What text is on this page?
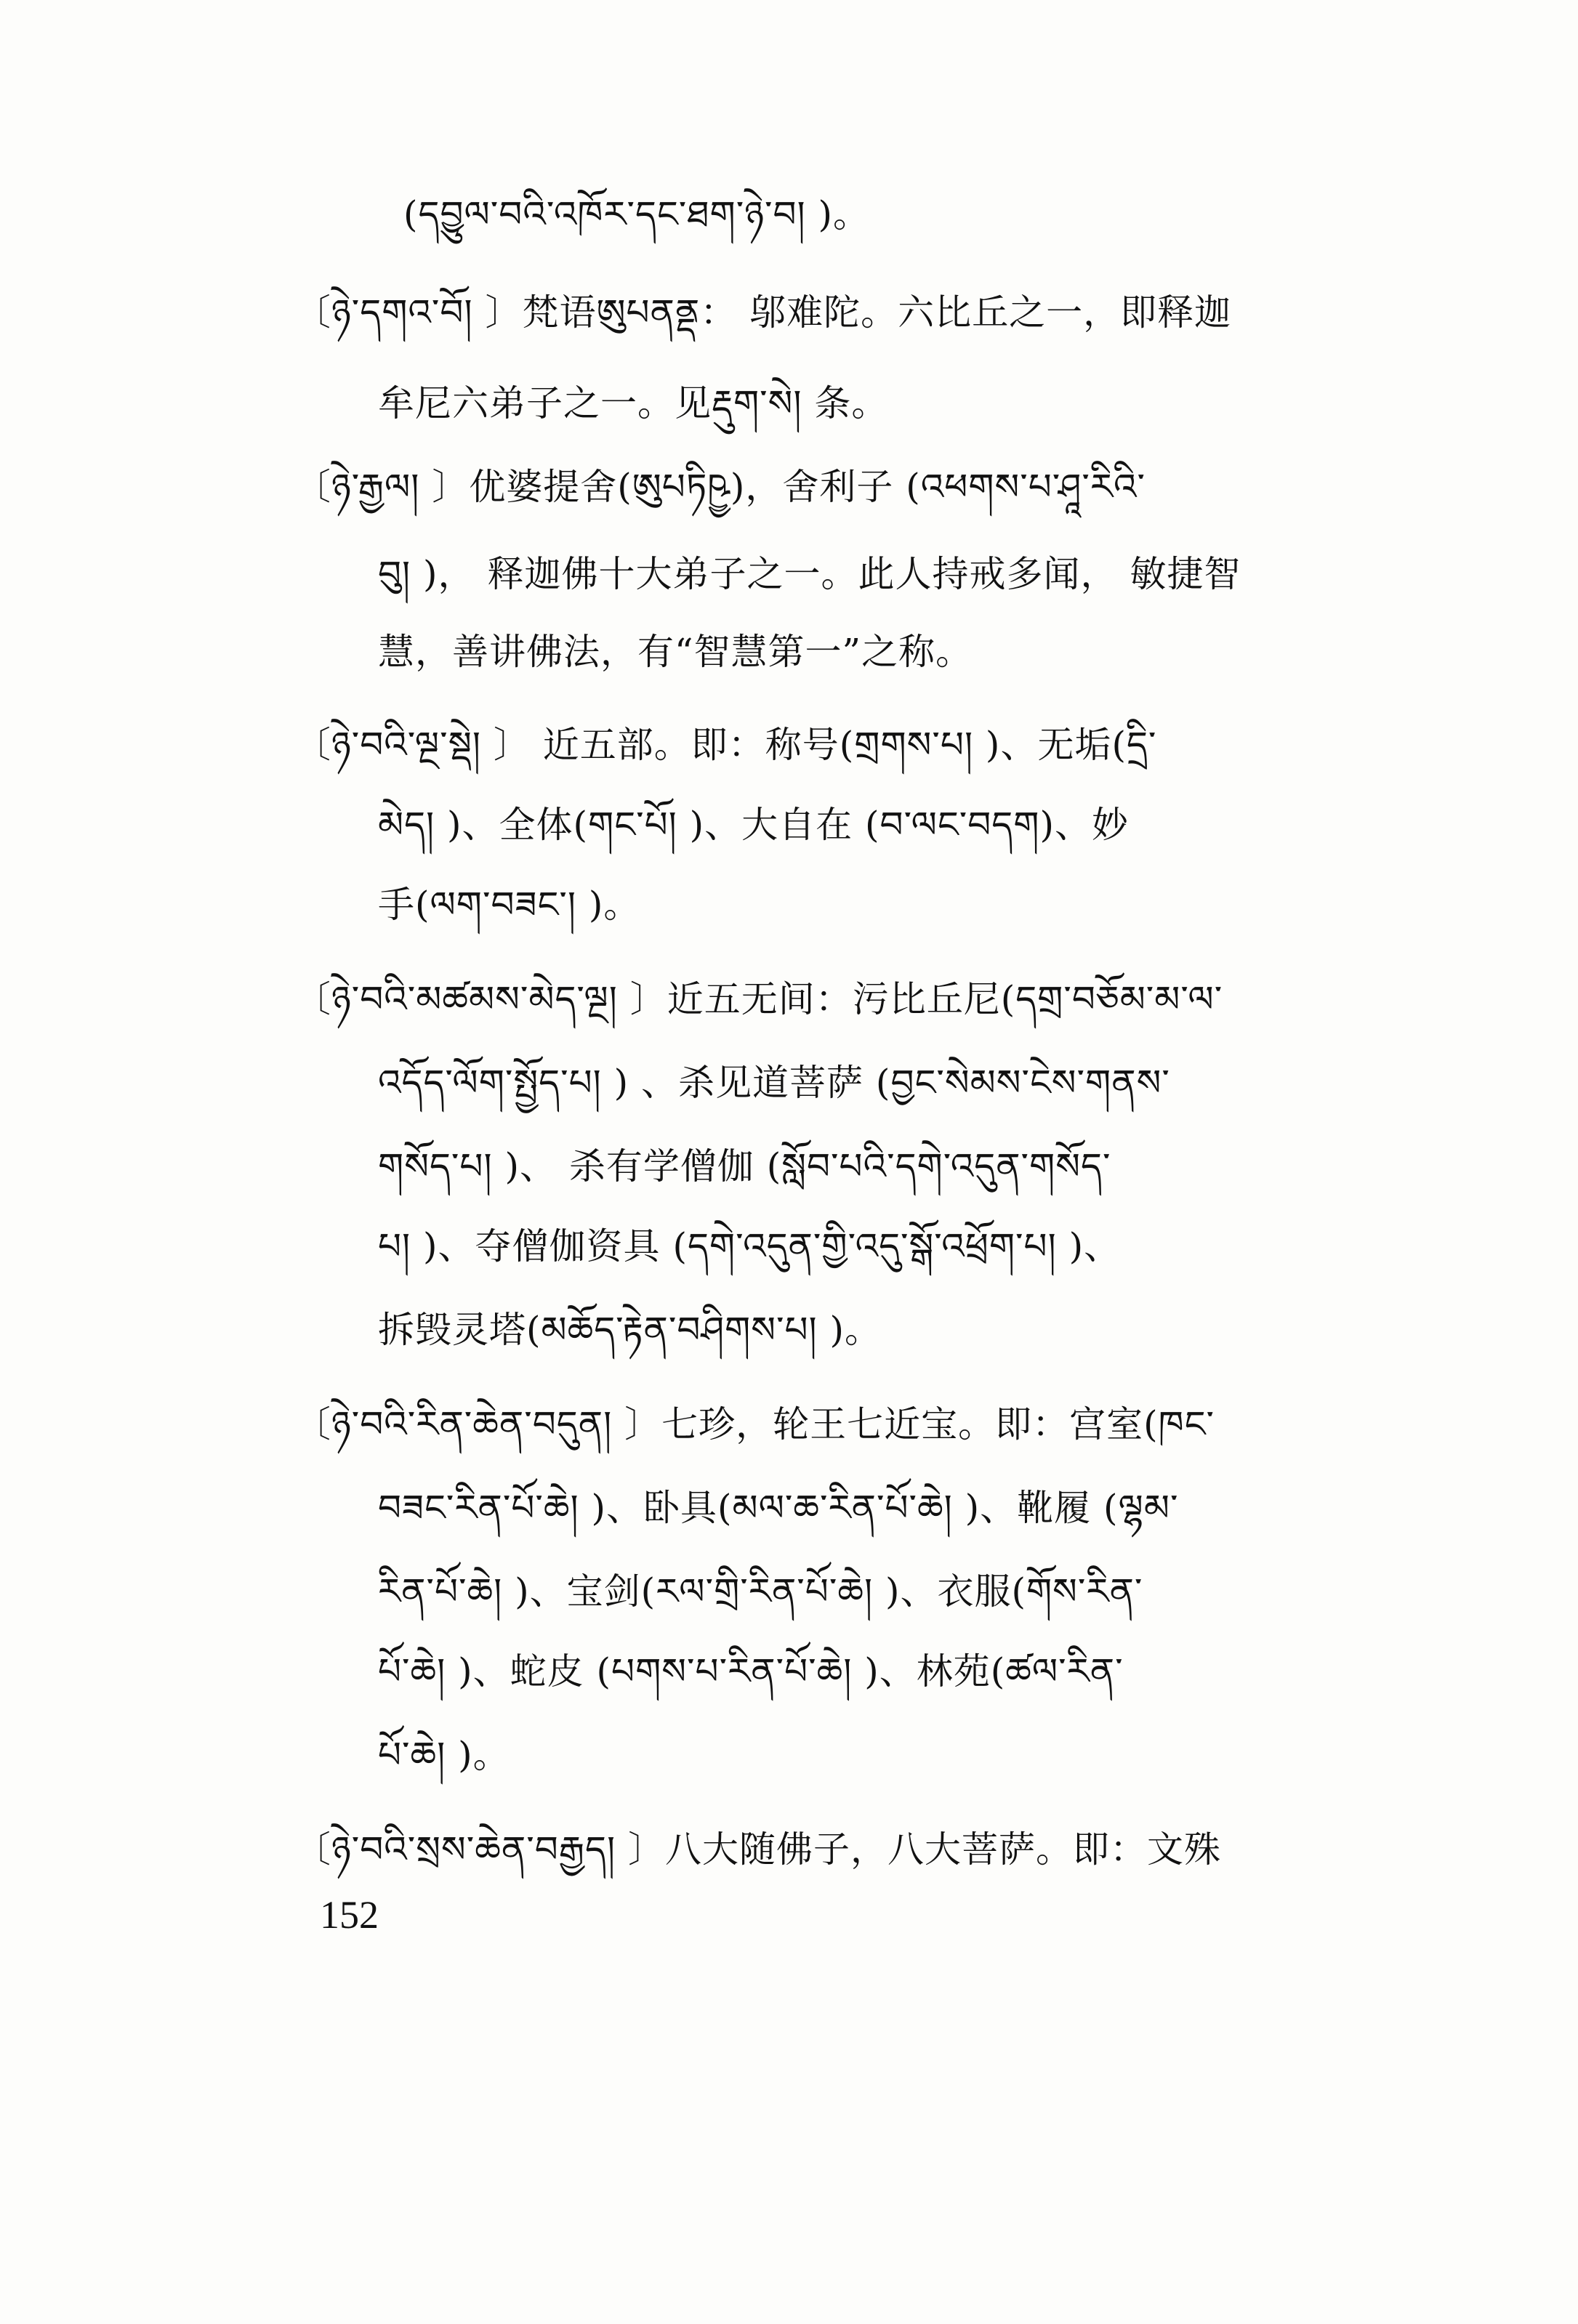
(དབྱུལ་བའི་འཁོར་དང་ཐག་ཉེ་བ། )。
〔ཉེ་དགའ་བོ། 〕梵语ཨུཔནནྡ： 邬难陀。六比丘之一，即释迦
牟尼六弟子之一。见རྡུག་སེ། 条。
〔ཉེ་རྒྱལ། 〕优婆提舍(ཨུཔཏིཥྱ)，舍利子 (འཕགས་པ་ཤཱ་རིའི་
བུ། )， 释迦佛十大弟子之一。此人持戒多闻， 敏捷智
慧，善讲佛法，有“智慧第一”之称。
〔ཉེ་བའི་ལྔ་སྡེ། 〕 近五部。即：称号(གྲགས་པ། )、无垢(དྲི་
མེད། )、全体(གང་པོ། )、大自在 (བ་ལང་བདག)、妙
手(ལག་བཟང་། )。
〔ཉེ་བའི་མཚམས་མེད་ལྔ། 〕近五无间：污比丘尼(དགྲ་བཅོམ་མ་ལ་
འདོད་ལོག་སྤྱོད་པ། ) 、杀见道菩萨 (བྱང་སེམས་ངེས་གནས་
གསོད་པ། )、 杀有学僧伽 (སློབ་པའི་དགེ་འདུན་གསོད་
པ། )、夺僧伽资具 (དགེ་འདུན་གྱི་འདུ་སྒོ་འཕྲོག་པ། )、
拆毁灵塔(མཆོད་རྟེན་བཤིགས་པ། )。
〔ཉེ་བའི་རིན་ཆེན་བདུན། 〕七珍，轮王七近宝。即：宫室(ཁང་
བཟང་རིན་པོ་ཆེ། )、卧具(མལ་ཆ་རིན་པོ་ཆེ། )、靴履 (ལྷམ་
རིན་པོ་ཆེ། )、宝剑(རལ་གྲི་རིན་པོ་ཆེ། )、衣服(གོས་རིན་
པོ་ཆེ། )、蛇皮 (པགས་པ་རིན་པོ་ཆེ། )、林苑(ཚལ་རིན་
པོ་ཆེ། )。
〔ཉེ་བའི་སྲས་ཆེན་བརྒྱད། 〕八大随佛子，八大菩萨。即：文殊
152
